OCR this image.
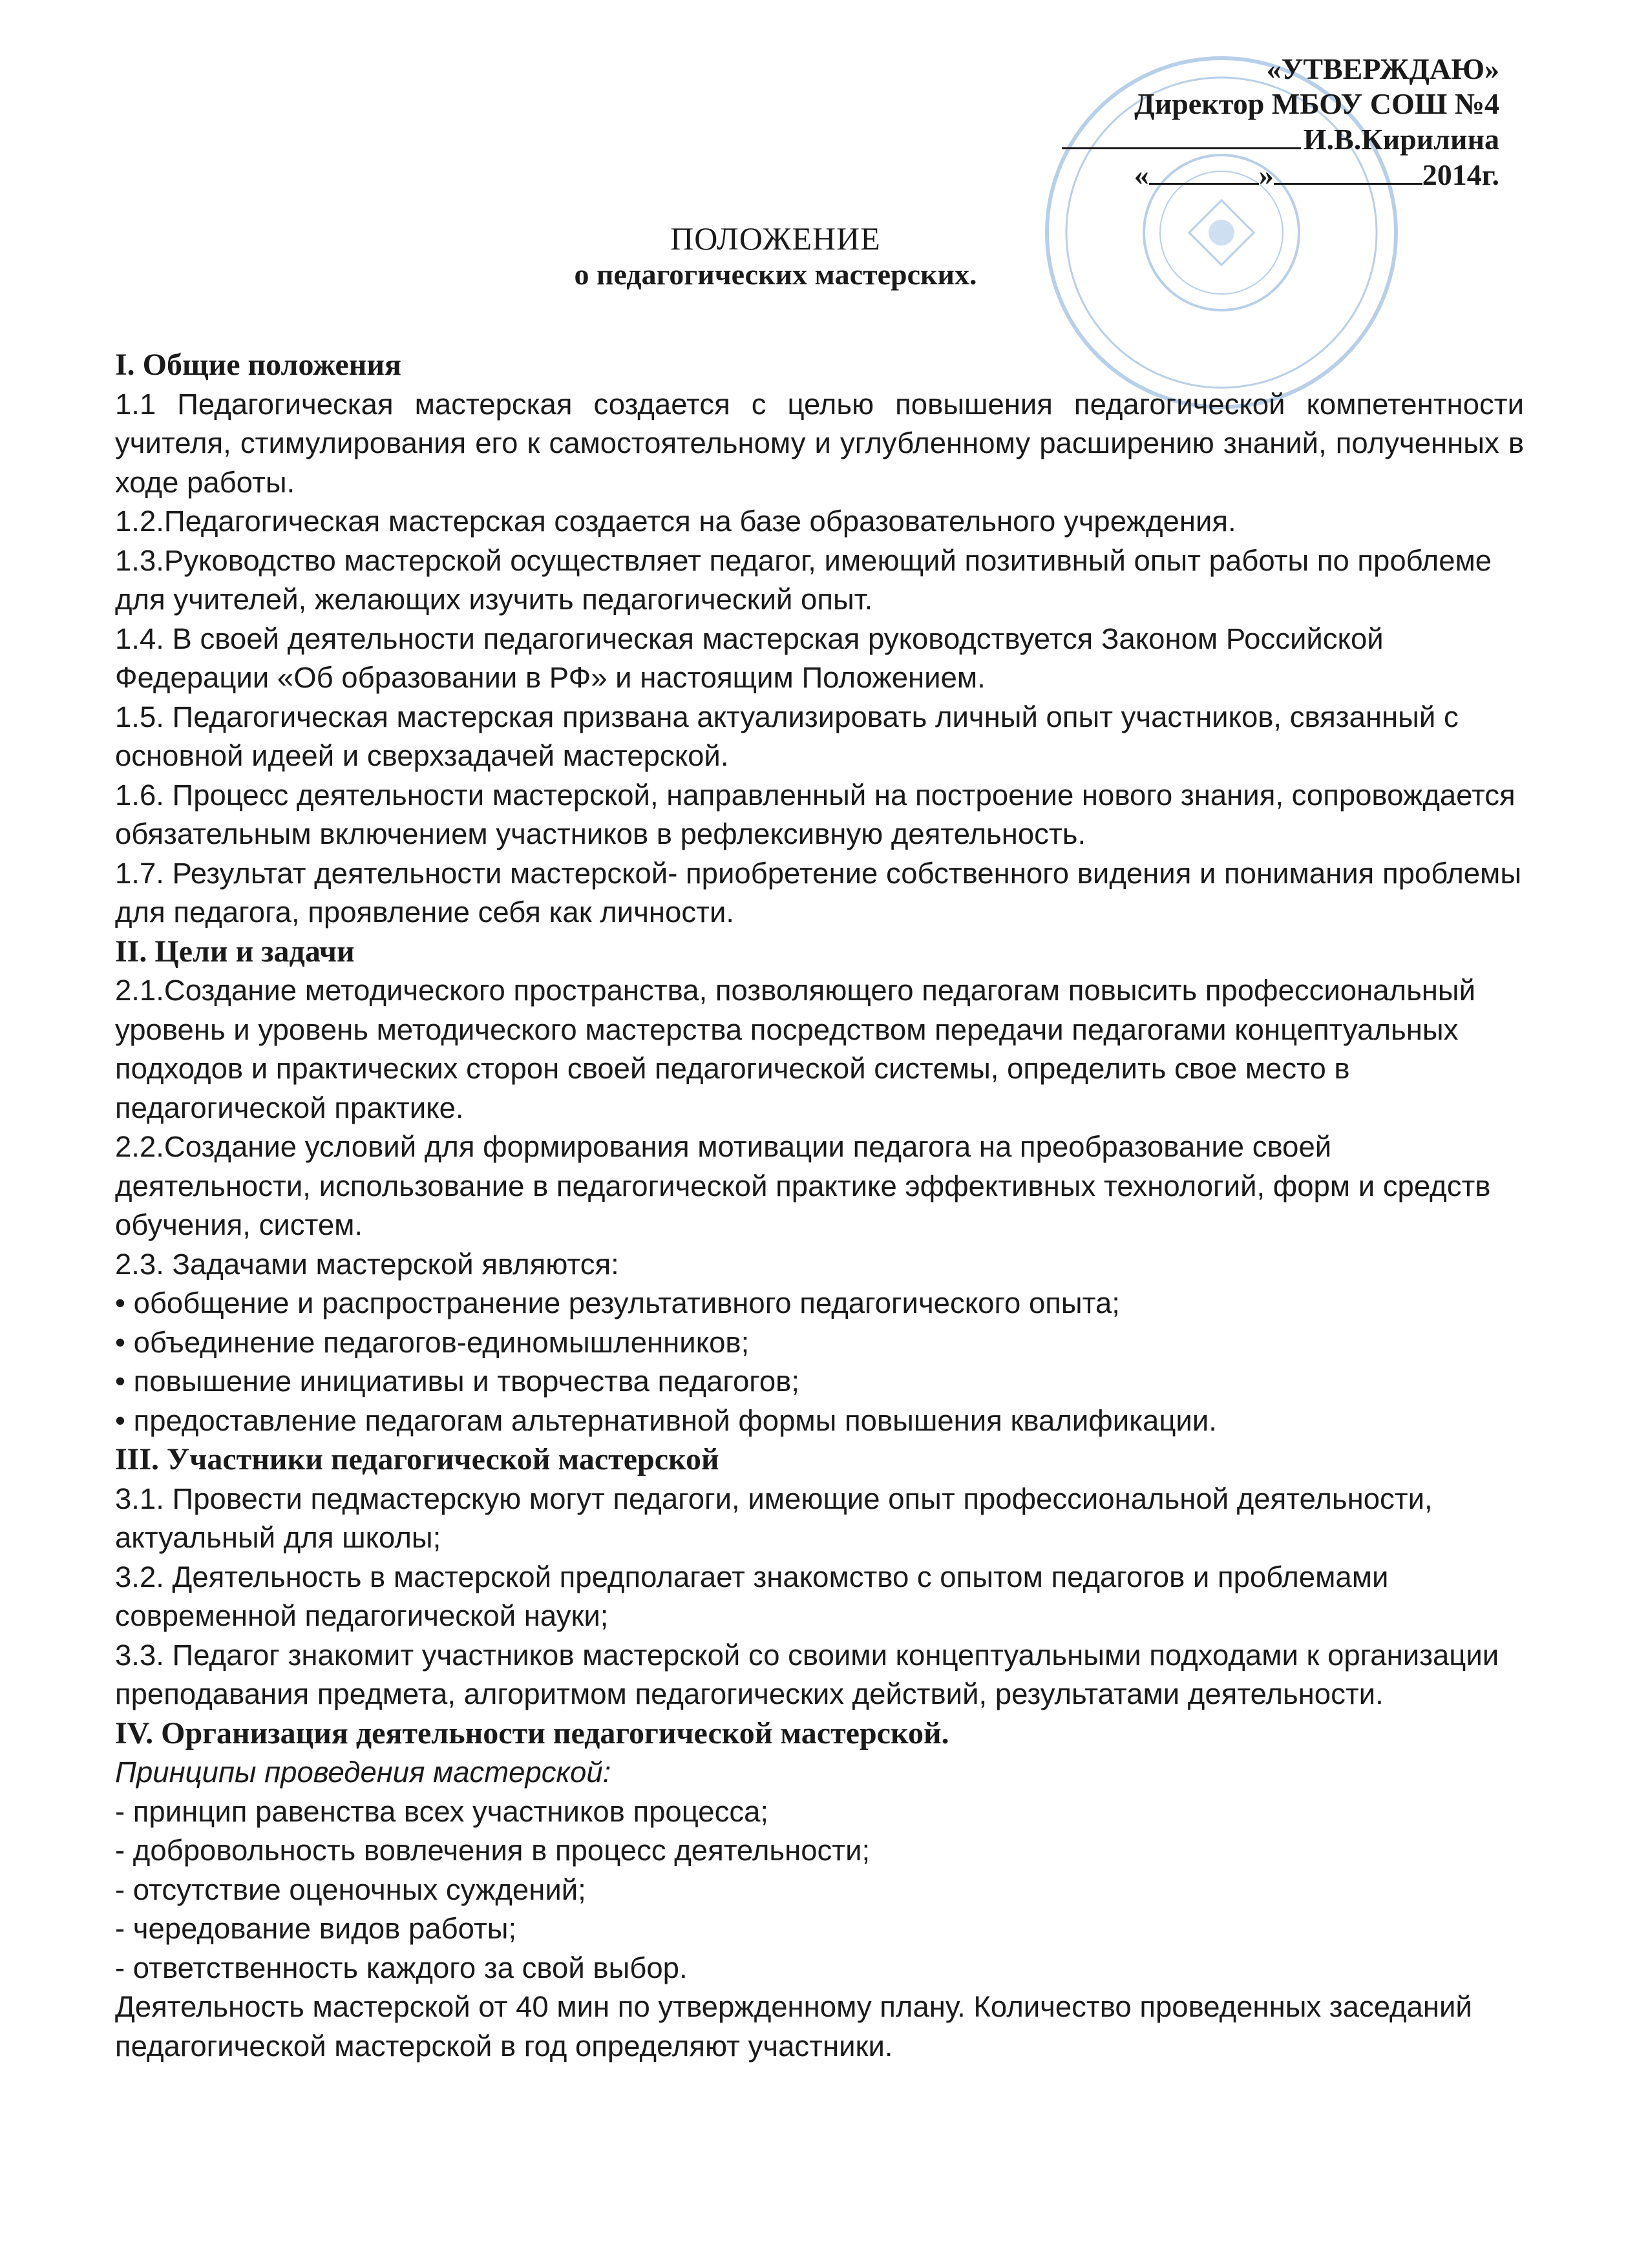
«УТВЕРЖДАЮ»
Директор МБОУ СОШ №4
И.В.Кирилина
«	»	2014г.
ПОЛОЖЕНИЕ
о педагогических мастерских.
I. Общие положения

1.1 Педагогическая мастерская создается с целью повышения педагогической компетентности учителя, стимулирования его к самостоятельному и углубленному расширению знаний, полученных в ходе работы.

1.2.Педагогическая мастерская создается на базе образовательного учреждения.

1.3.Руководство мастерской осуществляет педагог, имеющий позитивный опыт работы по проблеме для учителей, желающих изучить педагогический опыт.

1.4. В своей деятельности педагогическая мастерская руководствуется Законом Российской Федерации «Об образовании в РФ» и настоящим Положением.

1.5. Педагогическая мастерская призвана актуализировать личный опыт участников, связанный с основной идеей и сверхзадачей мастерской.

1.6. Процесс деятельности мастерской, направленный на построение нового знания, сопровождается обязательным включением участников в рефлексивную деятельность.

1.7. Результат деятельности мастерской- приобретение собственного видения и понимания проблемы для педагога, проявление себя как личности.

II. Цели и задачи

2.1.Создание методического пространства, позволяющего педагогам повысить профессиональный уровень и уровень методического мастерства посредством передачи педагогами концептуальных подходов и практических сторон своей педагогической системы, определить свое место в педагогической практике.

2.2.Создание условий для формирования мотивации педагога на преобразование своей деятельности, использование в педагогической практике эффективных технологий, форм и средств обучения, систем.

2.3. Задачами мастерской являются:

• обобщение и распространение результативного педагогического опыта;

• объединение педагогов-единомышленников;

• повышение инициативы и творчества педагогов;

• предоставление педагогам альтернативной формы повышения квалификации.

III. Участники педагогической мастерской

3.1. Провести педмастерскую могут педагоги, имеющие опыт профессиональной деятельности, актуальный для школы;

3.2. Деятельность в мастерской предполагает знакомство с опытом педагогов и проблемами современной педагогической науки;

3.3. Педагог знакомит участников мастерской со своими концептуальными подходами к организации преподавания предмета, алгоритмом педагогических действий, результатами деятельности.

IV. Организация деятельности педагогической мастерской.

Принципы проведения мастерской:

- принцип равенства всех участников процесса;

- добровольность вовлечения в процесс деятельности;

- отсутствие оценочных суждений;

- чередование видов работы;

- ответственность каждого за свой выбор.

Деятельность мастерской от 40 мин по утвержденному плану. Количество проведенных заседаний педагогической мастерской в год определяют участники.
